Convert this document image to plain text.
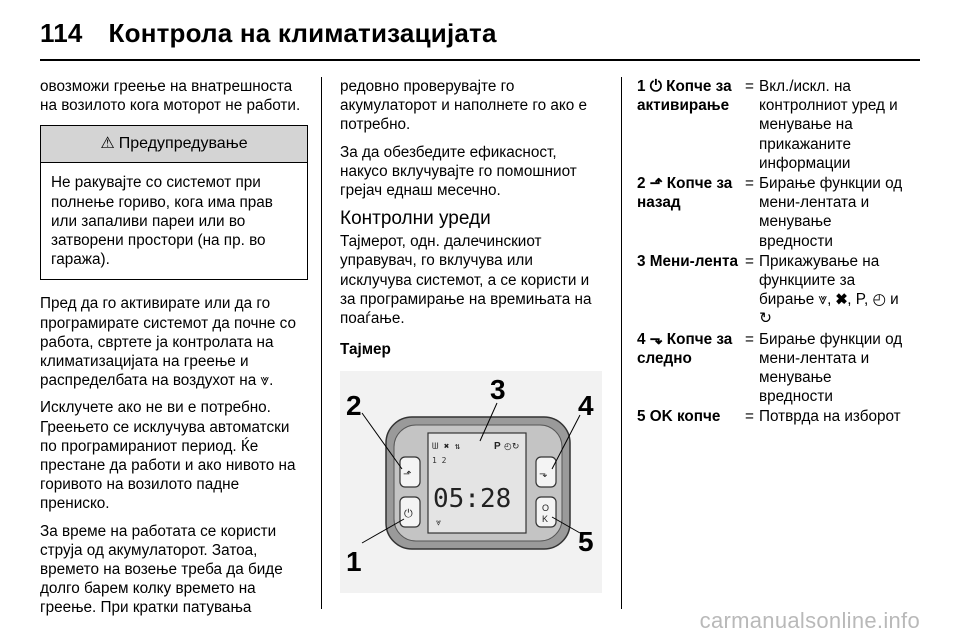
114 Контрола на климатизацијата

овозможи греење на внатрешноста на возилото кога моторот не работи.

⚠ Предупредување
Не ракувајте со системот при полнење гориво, кога има прав или запаливи пареи или во затворени простори (на пр. во гаража).

Пред да го активирате или да го програмирате системот да почне со работа, свртете ја контролата на климатизацијата на греење и распределбата на воздухот на ⩔.

Исклучете ако не ви е потребно. Греењето се исклучува автоматски по програмираниот период. Ќе престане да работи и ако нивото на горивото на возилото падне прениско.

За време на работата се користи струја од акумулаторот. Затоа, времето на возење треба да биде долго барем колку времето на греење. При кратки патувања

редовно проверувајте го акумулаторот и наполнете го ако е потребно.

За да обезбедите ефикасност, накусо вклучувајте го помошниот грејач еднаш месечно.

Контролни уреди

Тајмерот, одн. далечинскиот управувач, го вклучува или исклучува системот, а се користи и за програмирање на времињата на поаѓање.

Тајмер
ᗯ ✖ ⇅	P ◴↻
1 2
05:28
⩔
⬏
⏻
⬎
O
K
2
3
4
1
5
1 ⏻ Копче за активирање
= Вкл./искл. на контролниот уред и менување на прикажаните информации
2 ⬏ Копче за назад
= Бирање функции од мени-лентата и менување вредности
3 Мени-лента = Прикажување на функциите за бирање ⩔, ✖, P, ◴ и ↻
4 ⬎ Копче за следно
= Бирање функции од мени-лентата и менување вредности
5 OK копче	= Потврда на изборот
carmanualsonline.info
